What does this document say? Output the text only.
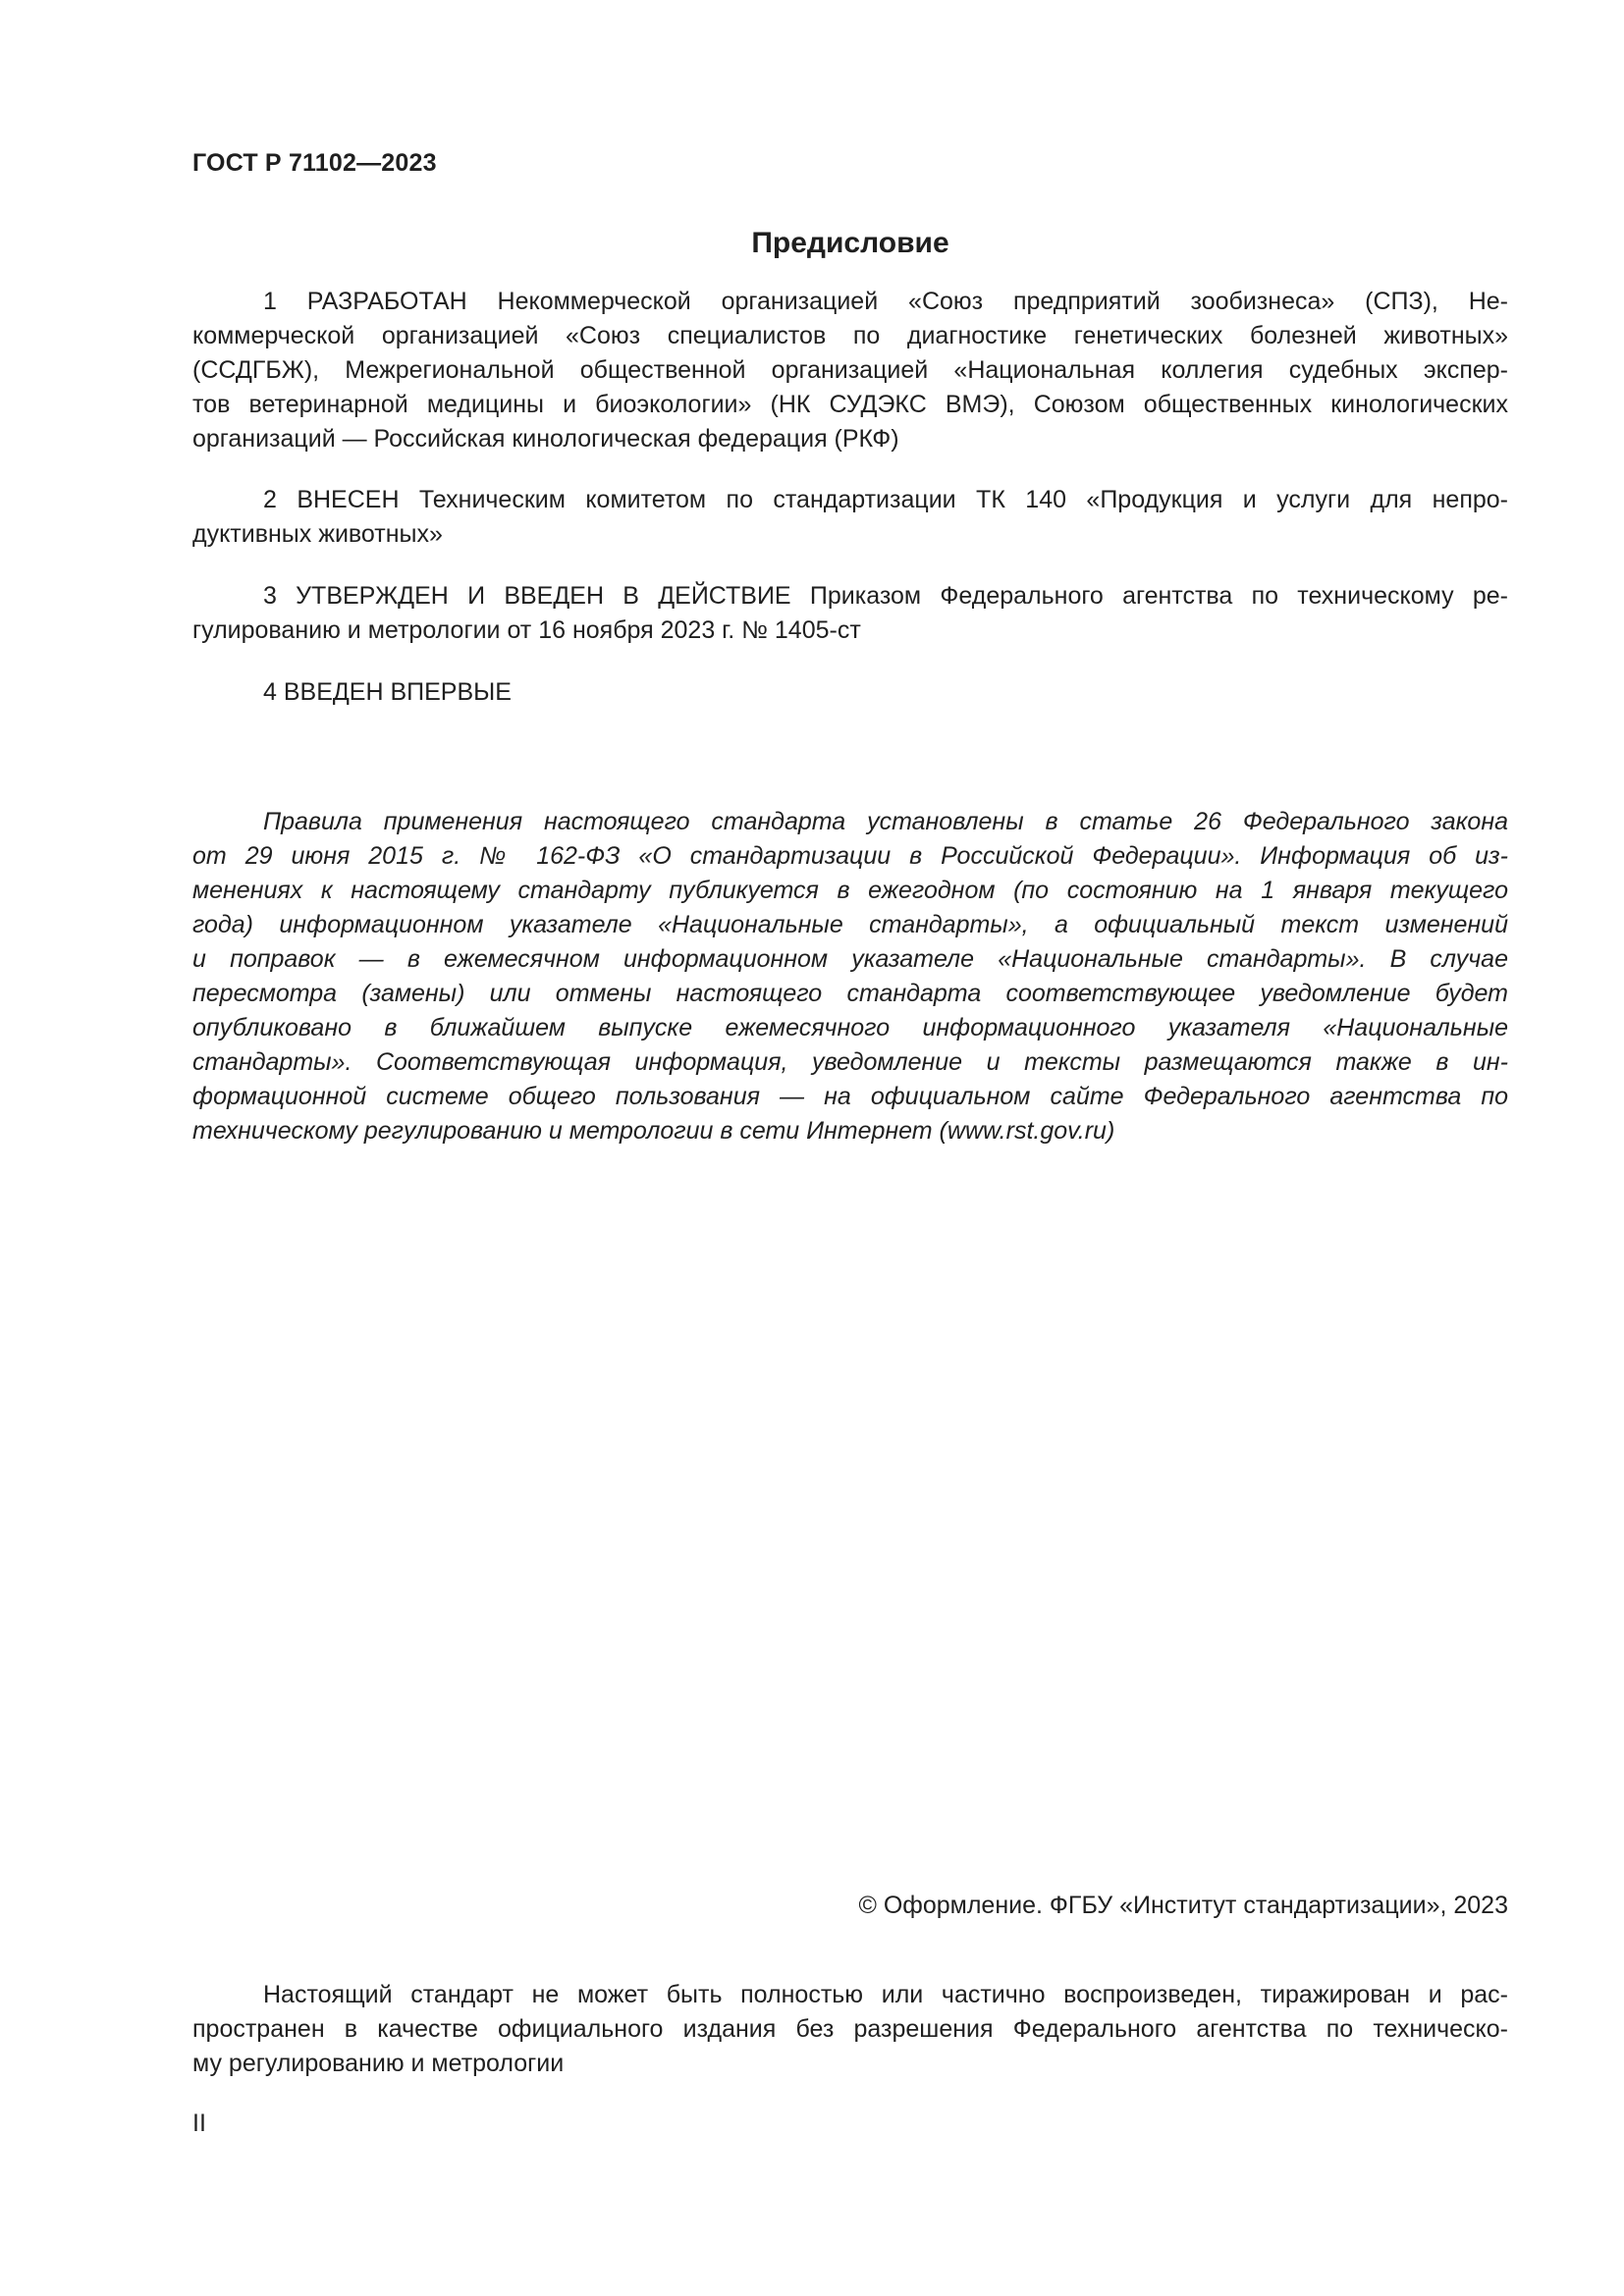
ГОСТ Р 71102—2023
Предисловие
1 РАЗРАБОТАН Некоммерческой организацией «Союз предприятий зообизнеса» (СПЗ), Не-
коммерческой организацией «Союз специалистов по диагностике генетических болезней животных»
(ССДГБЖ), Межрегиональной общественной организацией «Национальная коллегия судебных экспер-
тов ветеринарной медицины и биоэкологии» (НК СУДЭКС ВМЭ), Союзом общественных кинологических
организаций — Российская кинологическая федерация (РКФ)
2 ВНЕСЕН Техническим комитетом по стандартизации ТК 140 «Продукция и услуги для непро-
дуктивных животных»
3 УТВЕРЖДЕН И ВВЕДЕН В ДЕЙСТВИЕ Приказом Федерального агентства по техническому ре-
гулированию и метрологии от 16 ноября 2023 г. № 1405-ст
4 ВВЕДЕН ВПЕРВЫЕ
Правила применения настоящего стандарта установлены в статье 26 Федерального закона
от 29 июня 2015 г. № 162-ФЗ «О стандартизации в Российской Федерации». Информация об из-
менениях к настоящему стандарту публикуется в ежегодном (по состоянию на 1 января текущего
года) информационном указателе «Национальные стандарты», а официальный текст изменений
и поправок — в ежемесячном информационном указателе «Национальные стандарты». В случае
пересмотра (замены) или отмены настоящего стандарта соответствующее уведомление будет
опубликовано в ближайшем выпуске ежемесячного информационного указателя «Национальные
стандарты». Соответствующая информация, уведомление и тексты размещаются также в ин-
формационной системе общего пользования — на официальном сайте Федерального агентства по
техническому регулированию и метрологии в сети Интернет (www.rst.gov.ru)
© Оформление. ФГБУ «Институт стандартизации», 2023
Настоящий стандарт не может быть полностью или частично воспроизведен, тиражирован и рас-
пространен в качестве официального издания без разрешения Федерального агентства по техническо-
му регулированию и метрологии
II
